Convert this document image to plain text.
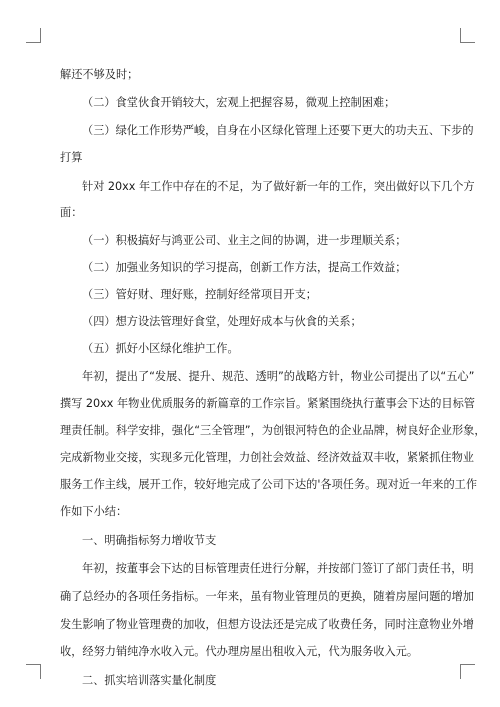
解还不够及时；
（二）食堂伙食开销较大，宏观上把握容易，微观上控制困难；
（三）绿化工作形势严峻，自身在小区绿化管理上还要下更大的功夫五、下步的
打算
针对 20xx 年工作中存在的不足，为了做好新一年的工作，突出做好以下几个方
面：
（一）积极搞好与鸿亚公司、业主之间的协调，进一步理顺关系；
（二）加强业务知识的学习提高，创新工作方法，提高工作效益；
（三）管好财、理好账，控制好经常项目开支；
（四）想方设法管理好食堂，处理好成本与伙食的关系；
（五）抓好小区绿化维护工作。
年初，提出了“发展、提升、规范、透明”的战略方针，物业公司提出了以“五心”
撰写 20xx 年物业优质服务的新篇章的工作宗旨。紧紧围绕执行董事会下达的目标管
理责任制。科学安排，强化“三全管理”，为创银河特色的企业品牌，树良好企业形象，
完成新物业交接，实现多元化管理，力创社会效益、经济效益双丰收，紧紧抓住物业
服务工作主线，展开工作，较好地完成了公司下达的'各项任务。现对近一年来的工作
作如下小结：
一、明确指标努力增收节支
年初，按董事会下达的目标管理责任进行分解，并按部门签订了部门责任书，明
确了总经办的各项任务指标。一年来，虽有物业管理员的更换，随着房屋问题的增加
发生影响了物业管理费的加收，但想方设法还是完成了收费任务，同时注意物业外增
收，经努力销纯净水收入元。代办理房屋出租收入元，代为服务收入元。
二、抓实培训落实量化制度
